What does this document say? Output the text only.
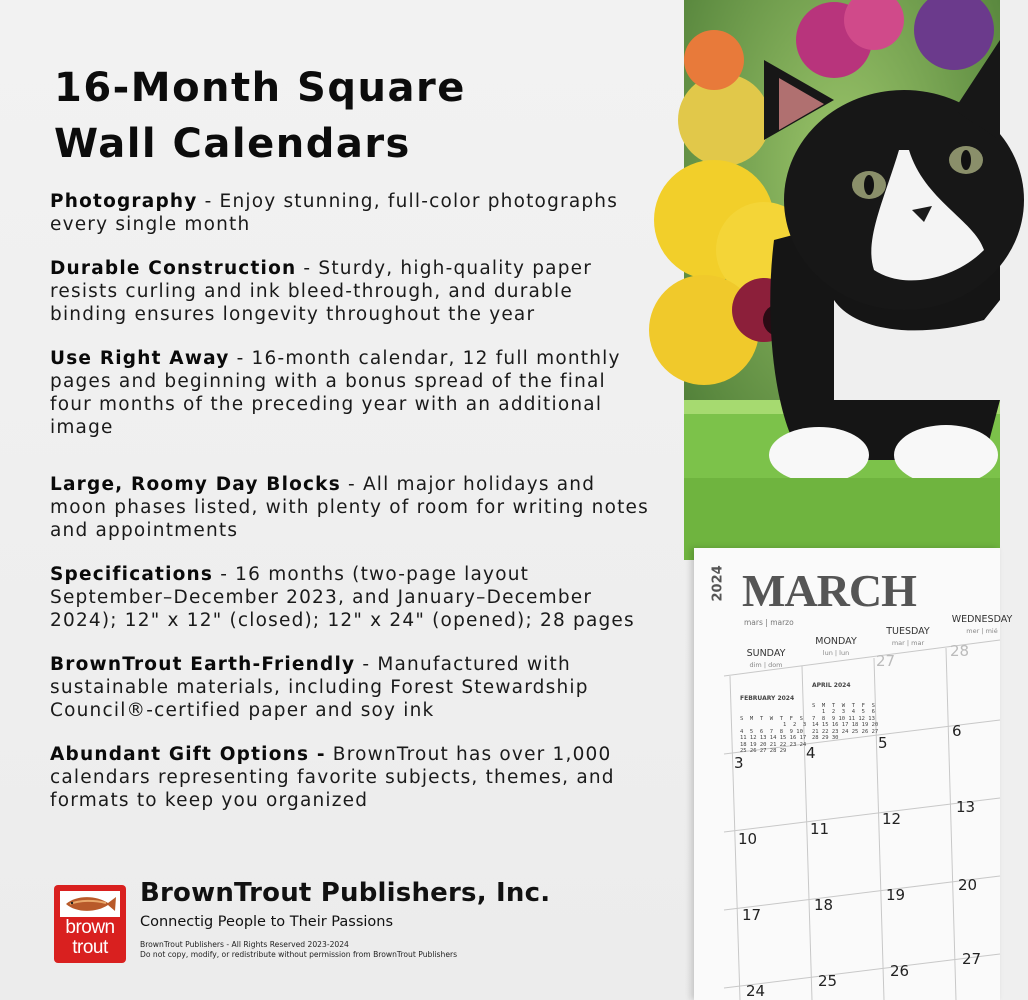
16-Month Square
Wall Calendars
Photography - Enjoy stunning, full-color photographs every single month
Durable Construction - Sturdy, high-quality paper resists curling and ink bleed-through, and durable binding ensures longevity throughout the year
Use Right Away - 16-month calendar, 12 full monthly pages and beginning with a bonus spread of the final four months of the preceding year with an additional image
Large, Roomy Day Blocks - All major holidays and moon phases listed, with plenty of room for writing notes and appointments
Specifications - 16 months (two-page layout September–December 2023, and January–December 2024); 12" x 12" (closed); 12" x 24" (opened); 28 pages
BrownTrout Earth-Friendly - Manufactured with sustainable materials, including Forest Stewardship Council®-certified paper and soy ink
Abundant Gift Options - BrownTrout has over 1,000 calendars representing favorite subjects, themes, and formats to keep you organized
brown
trout
BrownTrout Publishers, Inc.
Connectig People to Their Passions
BrownTrout Publishers - All Rights Reserved 2023-2024
Do not copy, modify, or redistribute without permission from BrownTrout Publishers
2024 MARCH
mars | marzo
SUNDAY
dim | dom
MONDAY
lun | lun
TUESDAY
mar | mar
WEDNESDAY
mer | mié

FEBRUARY 2024

S  M  T  W  T  F  S
1  2  3
4  5  6  7  8  9 10
11 12 13 14 15 16 17
18 19 20 21 22 23 24
25 26 27 28 29

APRIL 2024

S  M  T  W  T  F  S
1  2  3  4  5  6
7  8  9 10 11 12 13
14 15 16 17 18 19 20
21 22 23 24 25 26 27
28 29 30

27
28
3
4
5
6
10
11
12
13
17
18
19
20
24
25
26
27
